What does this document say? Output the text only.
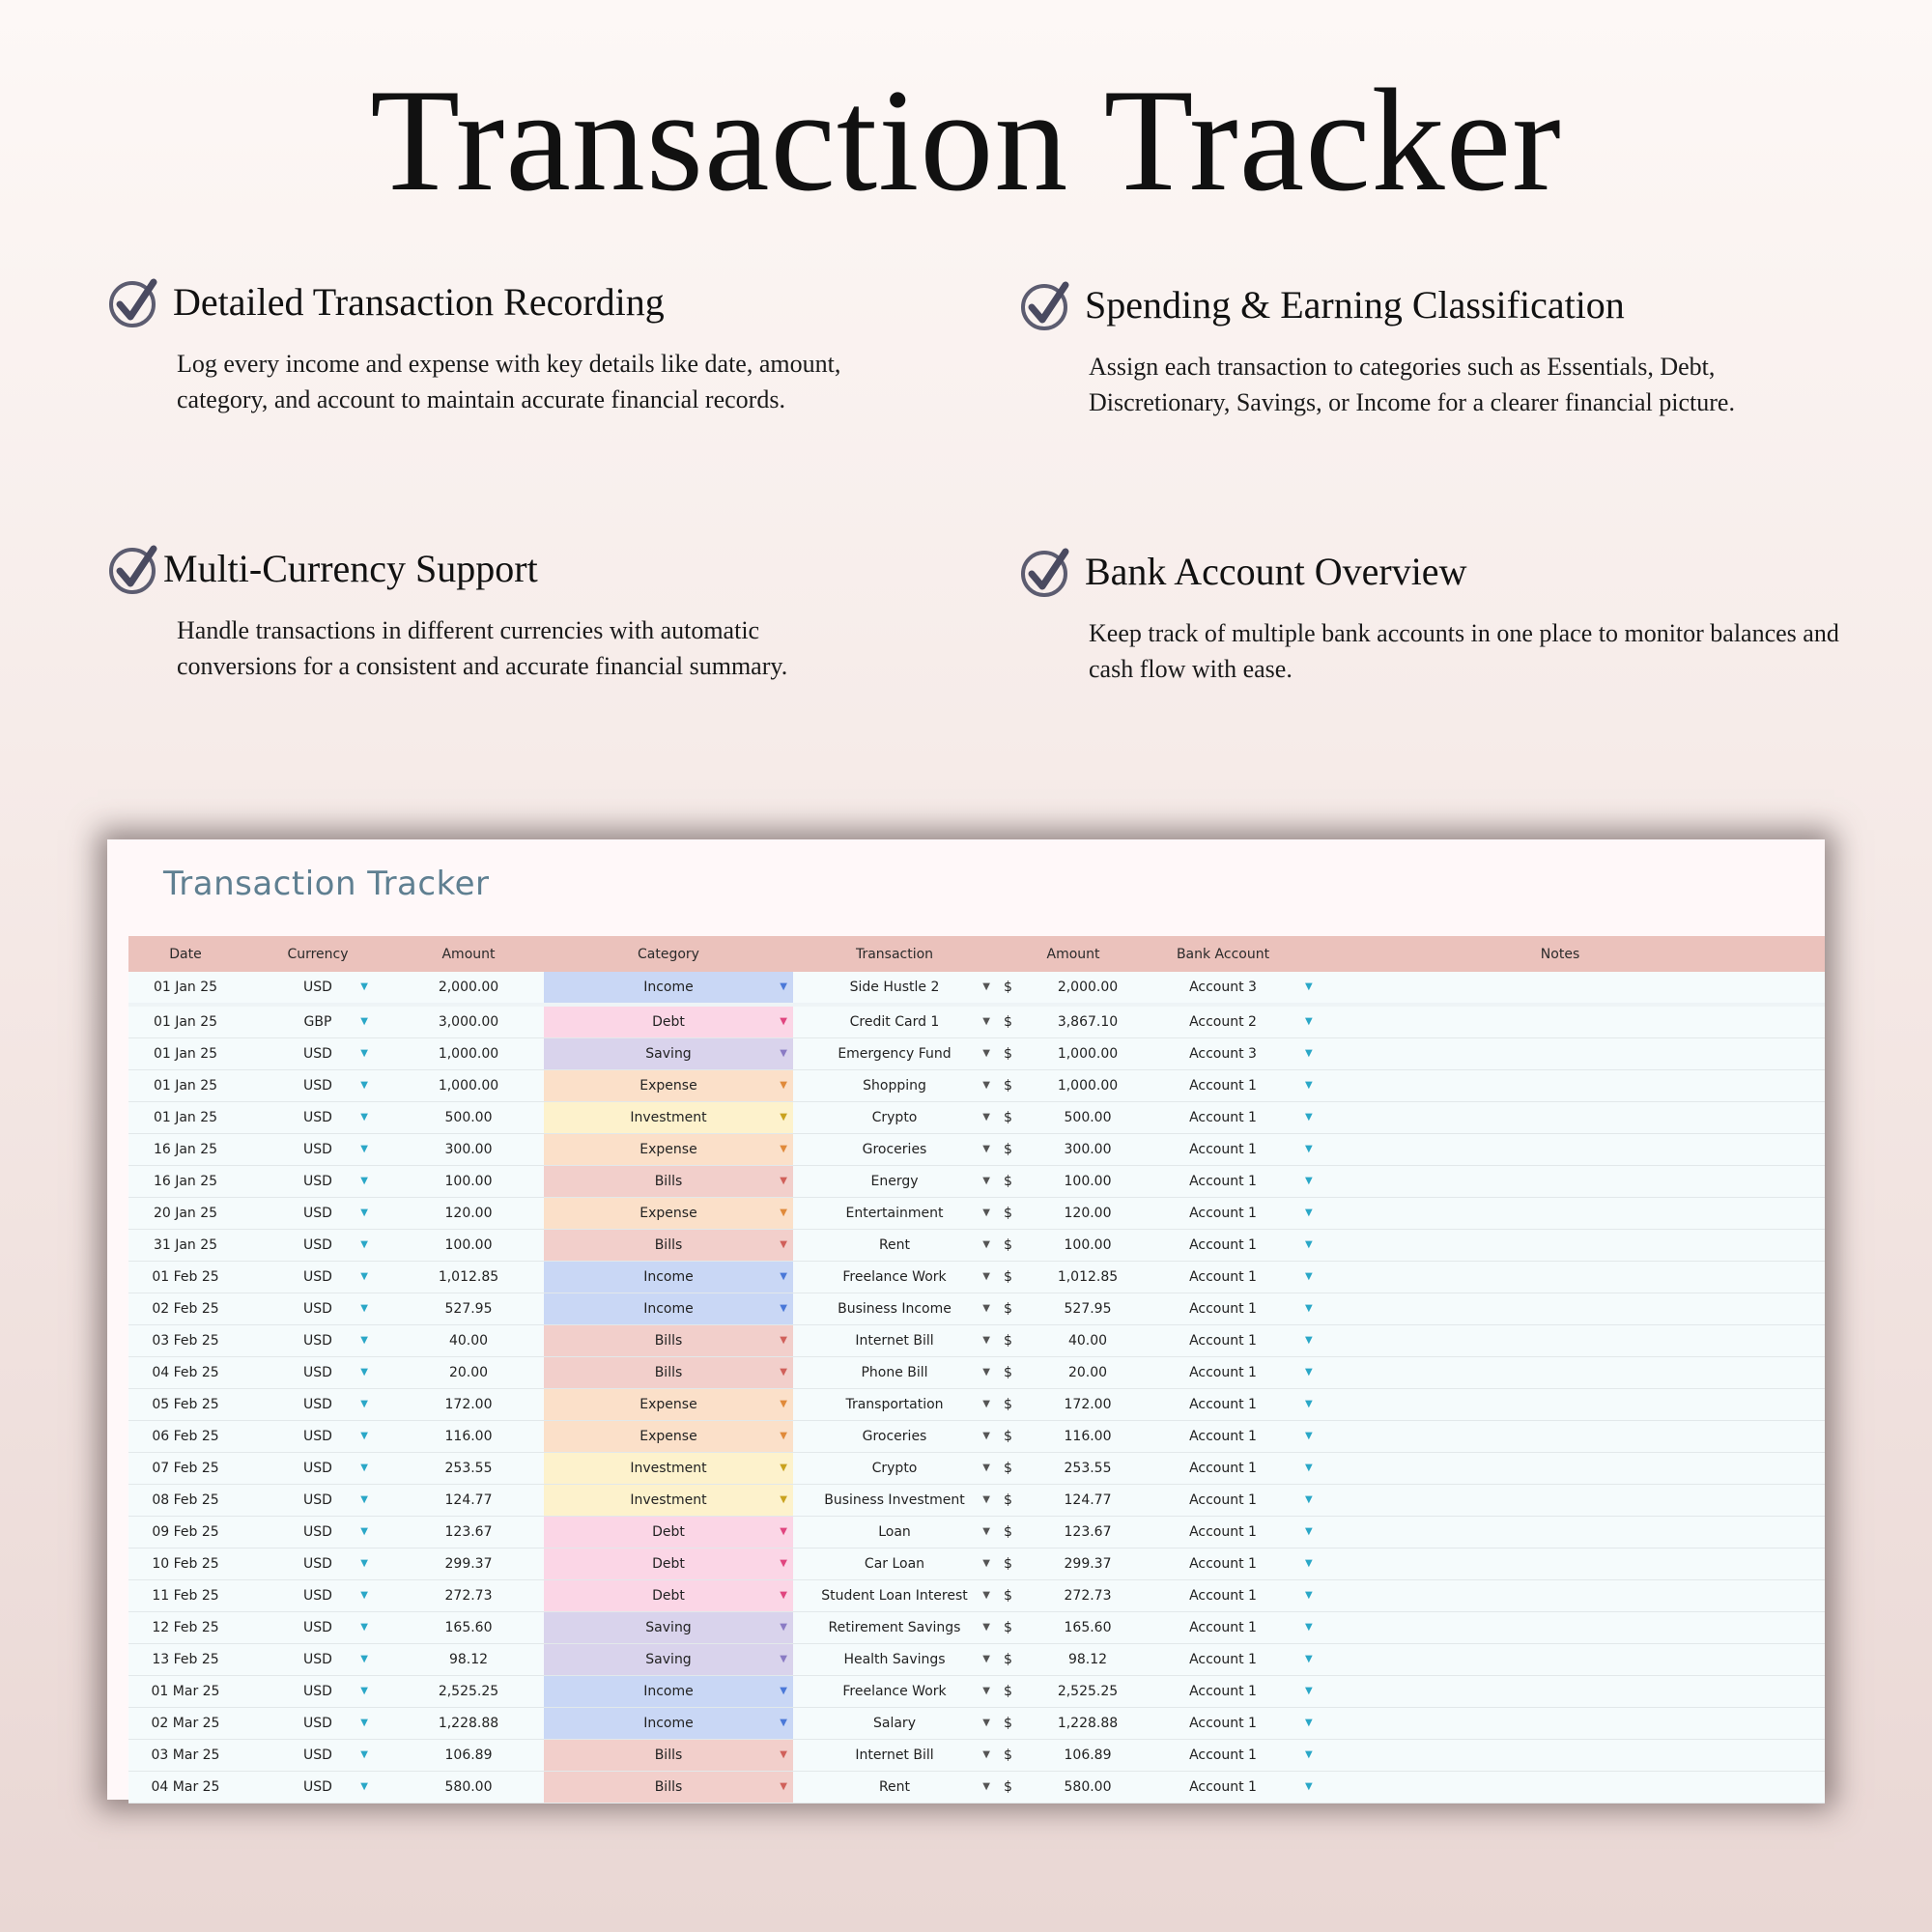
Transaction Tracker
Detailed Transaction Recording

Log every income and expense with key details like date, amount, category, and account to maintain accurate financial records.

Spending & Earning Classification

Assign each transaction to categories such as Essentials, Debt, Discretionary, Savings, or Income for a clearer financial picture.

Multi-Currency Support

Handle transactions in different currencies with automatic conversions for a consistent and accurate financial summary.

Bank Account Overview

Keep track of multiple bank accounts in one place to monitor balances and cash flow with ease.

Transaction Tracker
Date	Currency	Amount	Category	Transaction	Amount		Bank Account	Notes
01 Jan 25	USD ▼	2,000.00	Income ▼	Side Hustle 2 ▼	$	2,000.00	Account 3 ▼	

01 Jan 25	GBP ▼	3,000.00	Debt ▼	Credit Card 1 ▼	$	3,867.10	Account 2 ▼	

01 Jan 25	USD ▼	1,000.00	Saving ▼	Emergency Fund ▼	$	1,000.00	Account 3 ▼	

01 Jan 25	USD ▼	1,000.00	Expense ▼	Shopping ▼	$	1,000.00	Account 1 ▼	

01 Jan 25	USD ▼	500.00	Investment ▼	Crypto ▼	$	500.00	Account 1 ▼	

16 Jan 25	USD ▼	300.00	Expense ▼	Groceries ▼	$	300.00	Account 1 ▼	

16 Jan 25	USD ▼	100.00	Bills ▼	Energy ▼	$	100.00	Account 1 ▼	

20 Jan 25	USD ▼	120.00	Expense ▼	Entertainment ▼	$	120.00	Account 1 ▼	

31 Jan 25	USD ▼	100.00	Bills ▼	Rent ▼	$	100.00	Account 1 ▼	

01 Feb 25	USD ▼	1,012.85	Income ▼	Freelance Work ▼	$	1,012.85	Account 1 ▼	

02 Feb 25	USD ▼	527.95	Income ▼	Business Income ▼	$	527.95	Account 1 ▼	

03 Feb 25	USD ▼	40.00	Bills ▼	Internet Bill ▼	$	40.00	Account 1 ▼	

04 Feb 25	USD ▼	20.00	Bills ▼	Phone Bill ▼	$	20.00	Account 1 ▼	

05 Feb 25	USD ▼	172.00	Expense ▼	Transportation ▼	$	172.00	Account 1 ▼	

06 Feb 25	USD ▼	116.00	Expense ▼	Groceries ▼	$	116.00	Account 1 ▼	

07 Feb 25	USD ▼	253.55	Investment ▼	Crypto ▼	$	253.55	Account 1 ▼	

08 Feb 25	USD ▼	124.77	Investment ▼	Business Investment ▼	$	124.77	Account 1 ▼	

09 Feb 25	USD ▼	123.67	Debt ▼	Loan ▼	$	123.67	Account 1 ▼	

10 Feb 25	USD ▼	299.37	Debt ▼	Car Loan ▼	$	299.37	Account 1 ▼	

11 Feb 25	USD ▼	272.73	Debt ▼	Student Loan Interest ▼	$	272.73	Account 1 ▼	

12 Feb 25	USD ▼	165.60	Saving ▼	Retirement Savings ▼	$	165.60	Account 1 ▼	

13 Feb 25	USD ▼	98.12	Saving ▼	Health Savings ▼	$	98.12	Account 1 ▼	

01 Mar 25	USD ▼	2,525.25	Income ▼	Freelance Work ▼	$	2,525.25	Account 1 ▼	

02 Mar 25	USD ▼	1,228.88	Income ▼	Salary ▼	$	1,228.88	Account 1 ▼	

03 Mar 25	USD ▼	106.89	Bills ▼	Internet Bill ▼	$	106.89	Account 1 ▼	

04 Mar 25	USD ▼	580.00	Bills ▼	Rent ▼	$	580.00	Account 1 ▼	
